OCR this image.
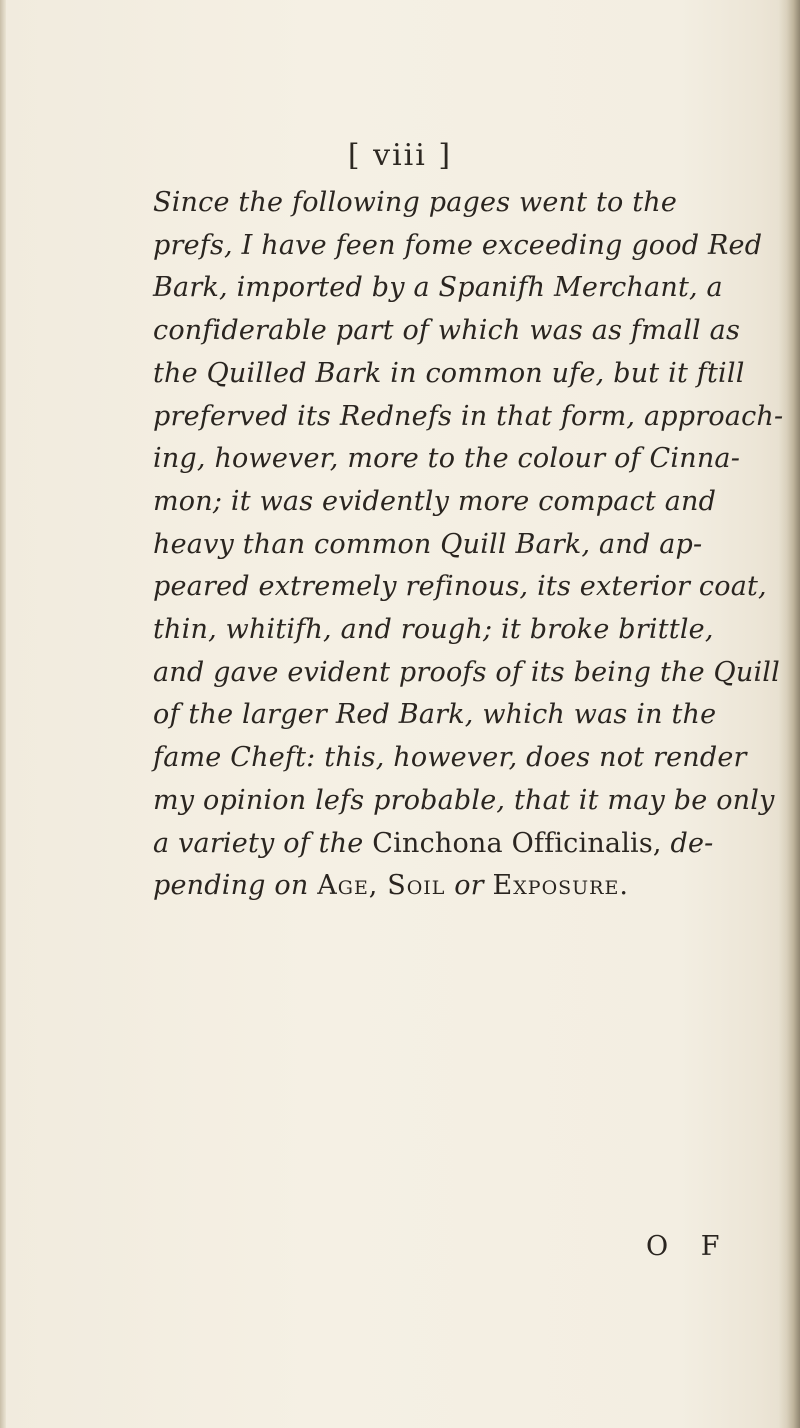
[ viii ]
Since the following pages went to the
prefs, I have feen fome exceeding good Red
Bark, imported by a Spanifh Merchant, a
confiderable part of which was as fmall as
the Quilled Bark in common ufe, but it ftill
preferved its Rednefs in that form, approach-
ing, however, more to the colour of Cinna-
mon; it was evidently more compact and
heavy than common Quill Bark, and ap-
peared extremely refinous, its exterior coat,
thin, whitifh, and rough; it broke brittle,
and gave evident proofs of its being the Quill
of the larger Red Bark, which was in the
fame Cheft: this, however, does not render
my opinion lefs probable, that it may be only
a variety of the Cinchona Officinalis, de-
pending on Age, Soil or Exposure.
O F
